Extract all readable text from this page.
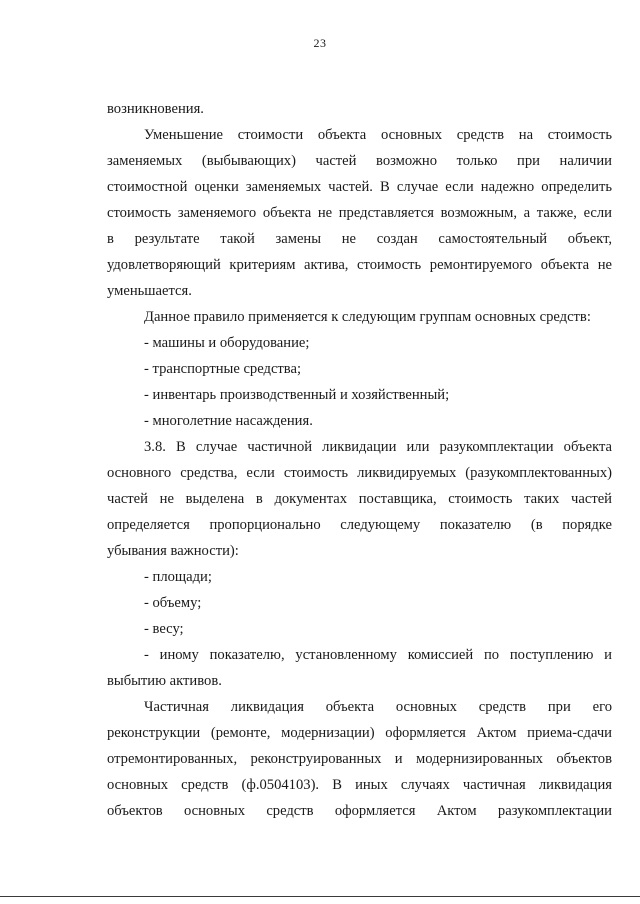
23
возникновения.
Уменьшение стоимости объекта основных средств на стоимость
заменяемых (выбывающих) частей возможно только при наличии
стоимостной оценки заменяемых частей. В случае если надежно определить
стоимость заменяемого объекта не представляется возможным, а также, если
в результате такой замены не создан самостоятельный объект,
удовлетворяющий критериям актива, стоимость ремонтируемого объекта не
уменьшается.
Данное правило применяется к следующим группам основных средств:
- машины и оборудование;
- транспортные средства;
- инвентарь производственный и хозяйственный;
- многолетние насаждения.
3.8. В случае частичной ликвидации или разукомплектации объекта
основного средства, если стоимость ликвидируемых (разукомплектованных)
частей не выделена в документах поставщика, стоимость таких частей
определяется пропорционально следующему показателю (в порядке
убывания важности):
- площади;
- объему;
- весу;
- иному показателю, установленному комиссией по поступлению и
выбытию активов.
Частичная ликвидация объекта основных средств при его
реконструкции (ремонте, модернизации) оформляется Актом приема-сдачи
отремонтированных, реконструированных и модернизированных объектов
основных средств (ф.0504103). В иных случаях частичная ликвидация
объектов основных средств оформляется Актом разукомплектации
